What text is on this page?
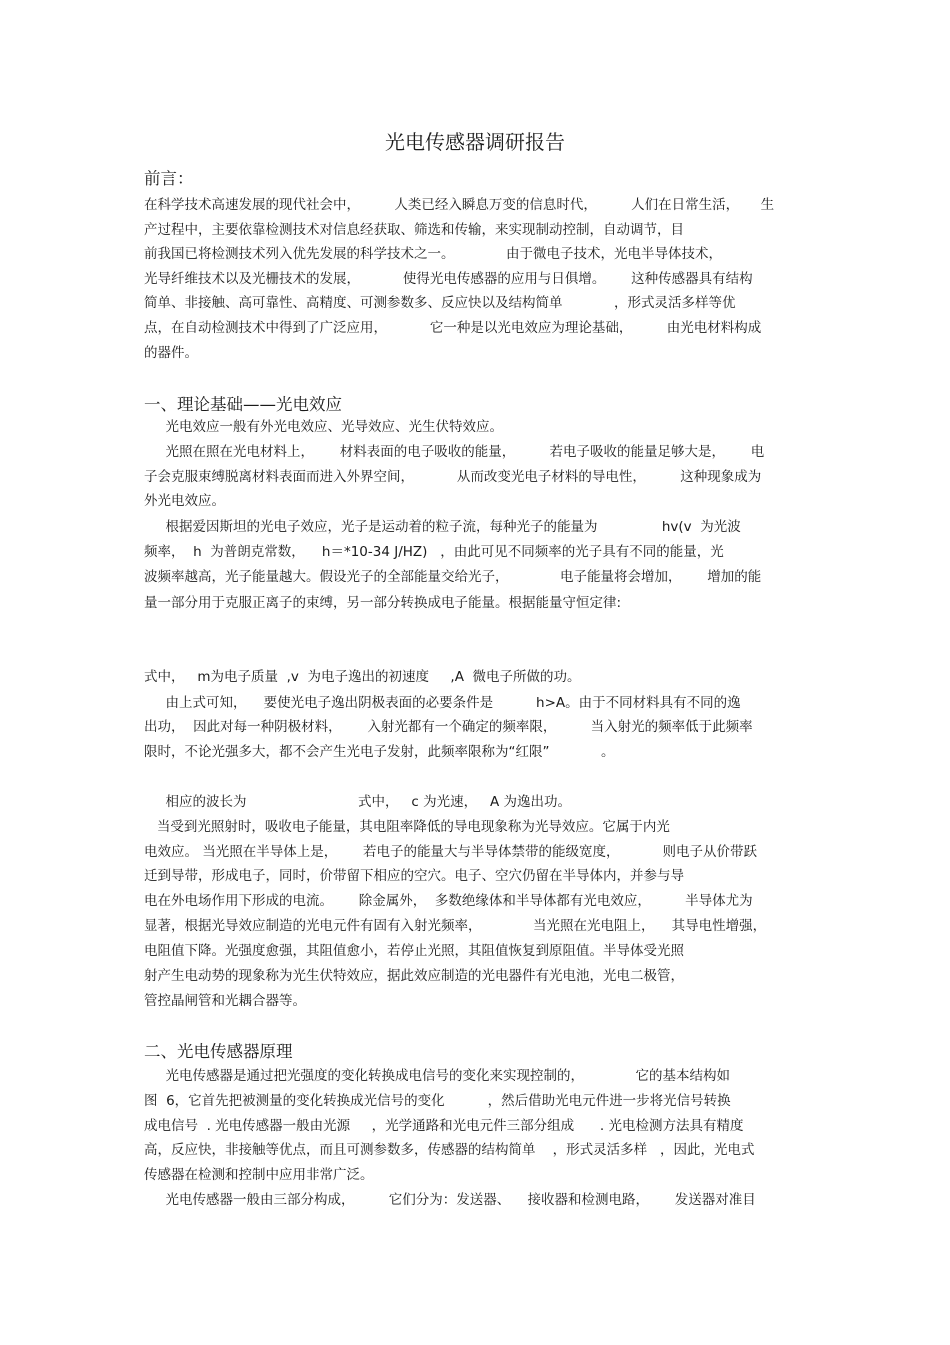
光电传感器调研报告
前言：
在科学技术高速发展的现代社会中，        人类已经入瞬息万变的信息时代，        人们在日常生活，     生
产过程中，主要依靠检测技术对信息经获取、筛选和传输，来实现制动控制，自动调节，目
前我国已将检测技术列入优先发展的科学技术之一。            由于微电子技术，光电半导体技术，
光导纤维技术以及光栅技术的发展，          使得光电传感器的应用与日俱增。      这种传感器具有结构
简单、非接触、高可靠性、高精度、可测参数多、反应快以及结构简单            ，形式灵活多样等优
点，在自动检测技术中得到了广泛应用，          它一种是以光电效应为理论基础，        由光电材料构成
的器件。
一、理论基础——光电效应
光电效应一般有外光电效应、光导效应、光生伏特效应。
光照在照在光电材料上，      材料表面的电子吸收的能量，        若电子吸收的能量足够大是，      电
子会克服束缚脱离材料表面而进入外界空间，          从而改变光电子材料的导电性，        这种现象成为
外光电效应。
根据爱因斯坦的光电子效应，光子是运动着的粒子流，每种光子的能量为               hv(v  为光波
频率，  h  为普朗克常数，    h＝*10-34 J/HZ)   ，由此可见不同频率的光子具有不同的能量，光
波频率越高，光子能量越大。假设光子的全部能量交给光子，            电子能量将会增加，      增加的能
量一部分用于克服正离子的束缚，另一部分转换成电子能量。根据能量守恒定律:
式中，   m为电子质量  ,v  为电子逸出的初速度     ,A  微电子所做的功。
由上式可知，    要使光电子逸出阴极表面的必要条件是          h>A。由于不同材料具有不同的逸
出功，  因此对每一种阴极材料，      入射光都有一个确定的频率限，        当入射光的频率低于此频率
限时，不论光强多大，都不会产生光电子发射，此频率限称为“红限”            。
相应的波长为                          式中，   c 为光速，   A 为逸出功。
当受到光照射时，吸收电子能量，其电阻率降低的导电现象称为光导效应。它属于内光
电效应。 当光照在半导体上是，      若电子的能量大与半导体禁带的能级宽度，          则电子从价带跃
迁到导带，形成电子，同时，价带留下相应的空穴。电子、空穴仍留在半导体内，并参与导
电在外电场作用下形成的电流。      除金属外，  多数绝缘体和半导体都有光电效应，        半导体尤为
显著，根据光导效应制造的光电元件有固有入射光频率，            当光照在光电阻上，    其导电性增强，
电阻值下降。光强度愈强，其阻值愈小，若停止光照，其阻值恢复到原阻值。半导体受光照
射产生电动势的现象称为光生伏特效应，据此效应制造的光电器件有光电池，光电二极管，
管控晶闸管和光耦合器等。
二、光电传感器原理
光电传感器是通过把光强度的变化转换成电信号的变化来实现控制的，            它的基本结构如
图  6，它首先把被测量的变化转换成光信号的变化          ，然后借助光电元件进一步将光信号转换
成电信号  . 光电传感器一般由光源     ，光学通路和光电元件三部分组成      . 光电检测方法具有精度
高，反应快，非接触等优点，而且可测参数多，传感器的结构简单    ，形式灵活多样   ，因此，光电式
传感器在检测和控制中应用非常广泛。
光电传感器一般由三部分构成，        它们分为：发送器、    接收器和检测电路，      发送器对准目
